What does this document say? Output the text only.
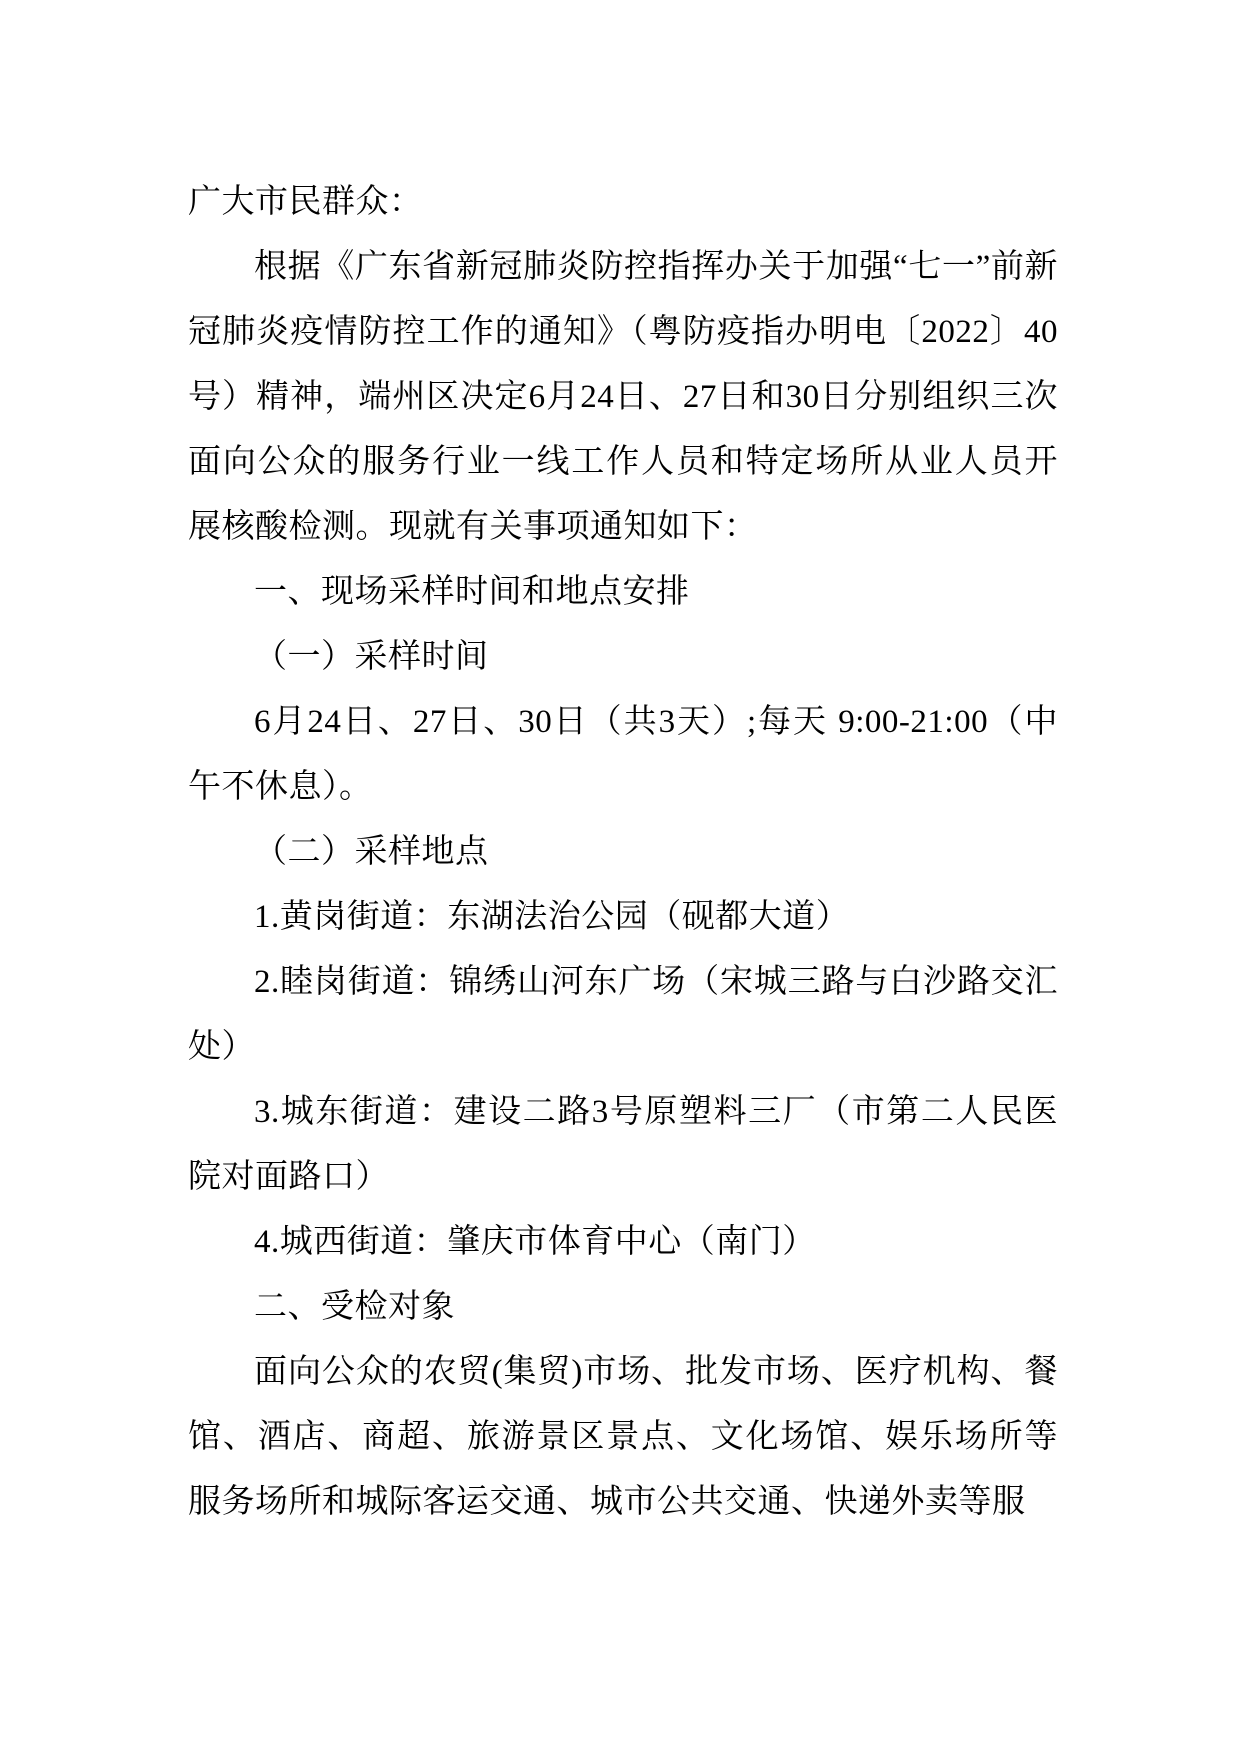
广大市民群众：

根据《广东省新冠肺炎防控指挥办关于加强“七一”前新冠肺炎疫情防控工作的通知》（粤防疫指办明电〔2022〕40号）精神，端州区决定6月24日、27日和30日分别组织三次面向公众的服务行业一线工作人员和特定场所从业人员开展核酸检测。现就有关事项通知如下：

一、现场采样时间和地点安排

（一）采样时间

6月24日、27日、30日（共3天）;每天 9:00-21:00（中午不休息）。

（二）采样地点

1.黄岗街道：东湖法治公园（砚都大道）

2.睦岗街道：锦绣山河东广场（宋城三路与白沙路交汇处）

3.城东街道：建设二路3号原塑料三厂（市第二人民医院对面路口）

4.城西街道：肇庆市体育中心（南门）

二、受检对象

面向公众的农贸(集贸)市场、批发市场、医疗机构、餐馆、酒店、商超、旅游景区景点、文化场馆、娱乐场所等服务场所和城际客运交通、城市公共交通、快递外卖等服
